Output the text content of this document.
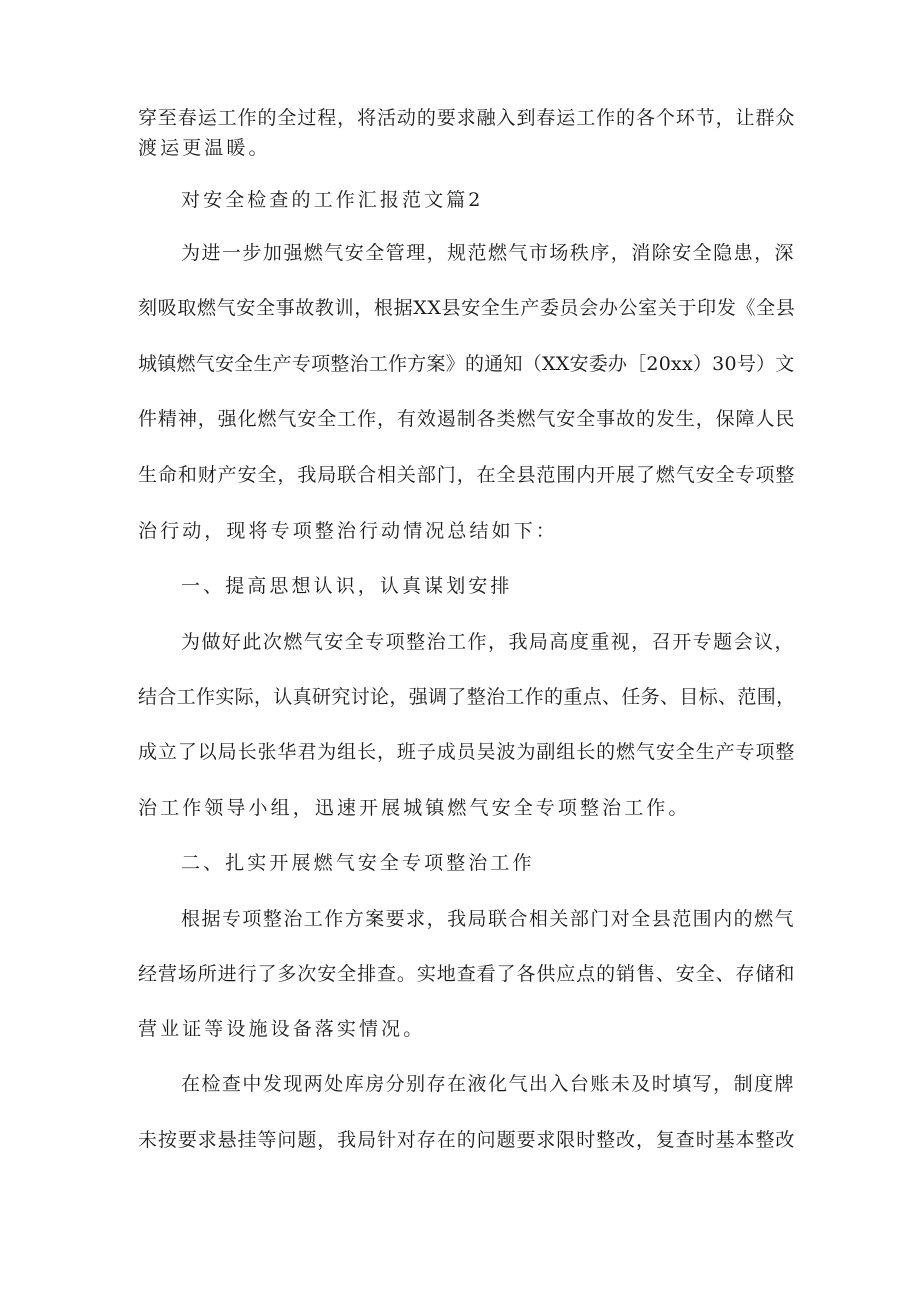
穿至春运工作的全过程，将活动的要求融入到春运工作的各个环节，让群众
渡运更温暖。
对安全检查的工作汇报范文篇2
为进一步加强燃气安全管理，规范燃气市场秩序，消除安全隐患，深
刻吸取燃气安全事故教训，根据XX县安全生产委员会办公室关于印发《全县
城镇燃气安全生产专项整治工作方案》的通知（XX安委办［20xx）30号）文
件精神，强化燃气安全工作，有效遏制各类燃气安全事故的发生，保障人民
生命和财产安全，我局联合相关部门，在全县范围内开展了燃气安全专项整
治行动，现将专项整治行动情况总结如下：
一、提高思想认识，认真谋划安排
为做好此次燃气安全专项整治工作，我局高度重视，召开专题会议，
结合工作实际，认真研究讨论，强调了整治工作的重点、任务、目标、范围，
成立了以局长张华君为组长，班子成员吴波为副组长的燃气安全生产专项整
治工作领导小组，迅速开展城镇燃气安全专项整治工作。
二、扎实开展燃气安全专项整治工作
根据专项整治工作方案要求，我局联合相关部门对全县范围内的燃气
经营场所进行了多次安全排查。实地查看了各供应点的销售、安全、存储和
营业证等设施设备落实情况。
在检查中发现两处库房分别存在液化气出入台账未及时填写，制度牌
未按要求悬挂等问题，我局针对存在的问题要求限时整改，复查时基本整改
